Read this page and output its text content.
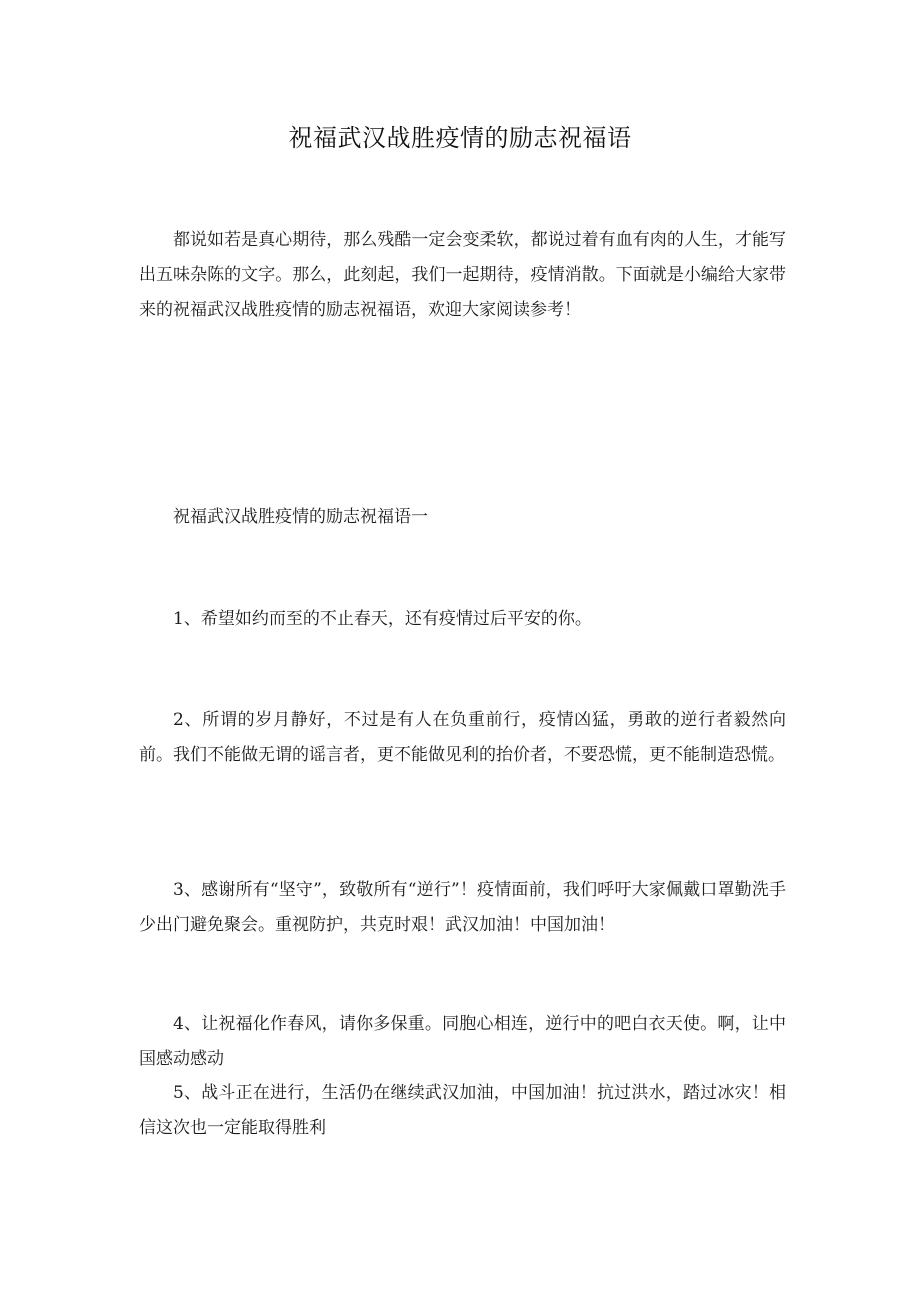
祝福武汉战胜疫情的励志祝福语

都说如若是真心期待，那么残酷一定会变柔软，都说过着有血有肉的人生，才能写出五味杂陈的文字。那么，此刻起，我们一起期待，疫情消散。下面就是小编给大家带来的祝福武汉战胜疫情的励志祝福语，欢迎大家阅读参考！

祝福武汉战胜疫情的励志祝福语一

1、希望如约而至的不止春天，还有疫情过后平安的你。

2、所谓的岁月静好，不过是有人在负重前行，疫情凶猛，勇敢的逆行者毅然向前。我们不能做无谓的谣言者，更不能做见利的抬价者，不要恐慌，更不能制造恐慌。

3、感谢所有“坚守”，致敬所有“逆行”！疫情面前，我们呼吁大家佩戴口罩勤洗手少出门避免聚会。重视防护，共克时艰！武汉加油！中国加油！

4、让祝福化作春风，请你多保重。同胞心相连，逆行中的吧白衣天使。啊，让中国感动感动

5、战斗正在进行，生活仍在继续武汉加油，中国加油！抗过洪水，踏过冰灾！相信这次也一定能取得胜利
